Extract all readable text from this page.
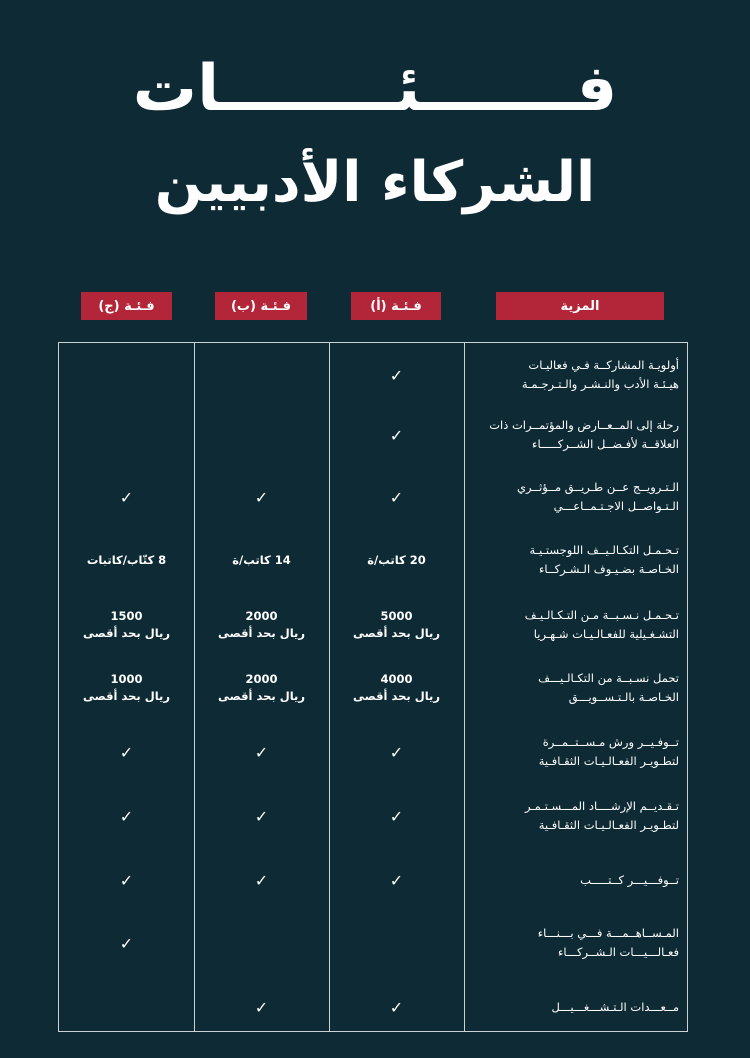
فـــــــئــــــــات
الشركاء الأدبيين
المزية
فـئـة (أ)
فـئـة (ب)
فـئـة (ج)
أولويـة المشاركــة فـي فعاليـات
هيـئـة الأدب والنـشـر والـتـرجـمـة
✓
رحلة إلى المــعــارض والمؤتمــرات ذات
العلاقــة لأفـضــل الشــركـــــاء
✓
الـتـرويــج عــن طـريــق مــؤثــري
الـتـواصــل الاجـتـمــاعـــي
✓
✓
✓
تـحـمـل التكـالـيــف اللوجستـيـة
الخـاصـة بضـيـوف الـشـركــاء
20 كاتب/ة
14 كاتب/ة
8 كتّاب/كاتبات
تـحـمـل نـسـبــة مـن التـكـالـيـف
التشـغـيلية للفعـالـيـات شـهـريا
5000
ريال بحد أقصى
2000
ريال بحد أقصى
1500
ريال بحد أقصى
تحمل نسـبــة من التكـالـيـــف
الخـاصـة بالـتـســويـــق
4000
ريال بحد أقصى
2000
ريال بحد أقصى
1000
ريال بحد أقصى
تــوفـيــر ورش مـســتــمــرة
لتطـويـر الفعـالـيـات الثقـافـية
✓
✓
✓
تـقـديــم الإرشــــاد المـــسـتـمـر
لتطـويـر الفعـالـيـات الثقـافـية
✓
✓
✓
تــوفـــيـــر كــتـــــب
✓
✓
✓
المـســاهــمـــة فـــي بـــنـــاء
فعـالـــيـــات الـشــركـــاء
✓
مــعـــدات الـتـشـــغـــيـــل
✓
✓
